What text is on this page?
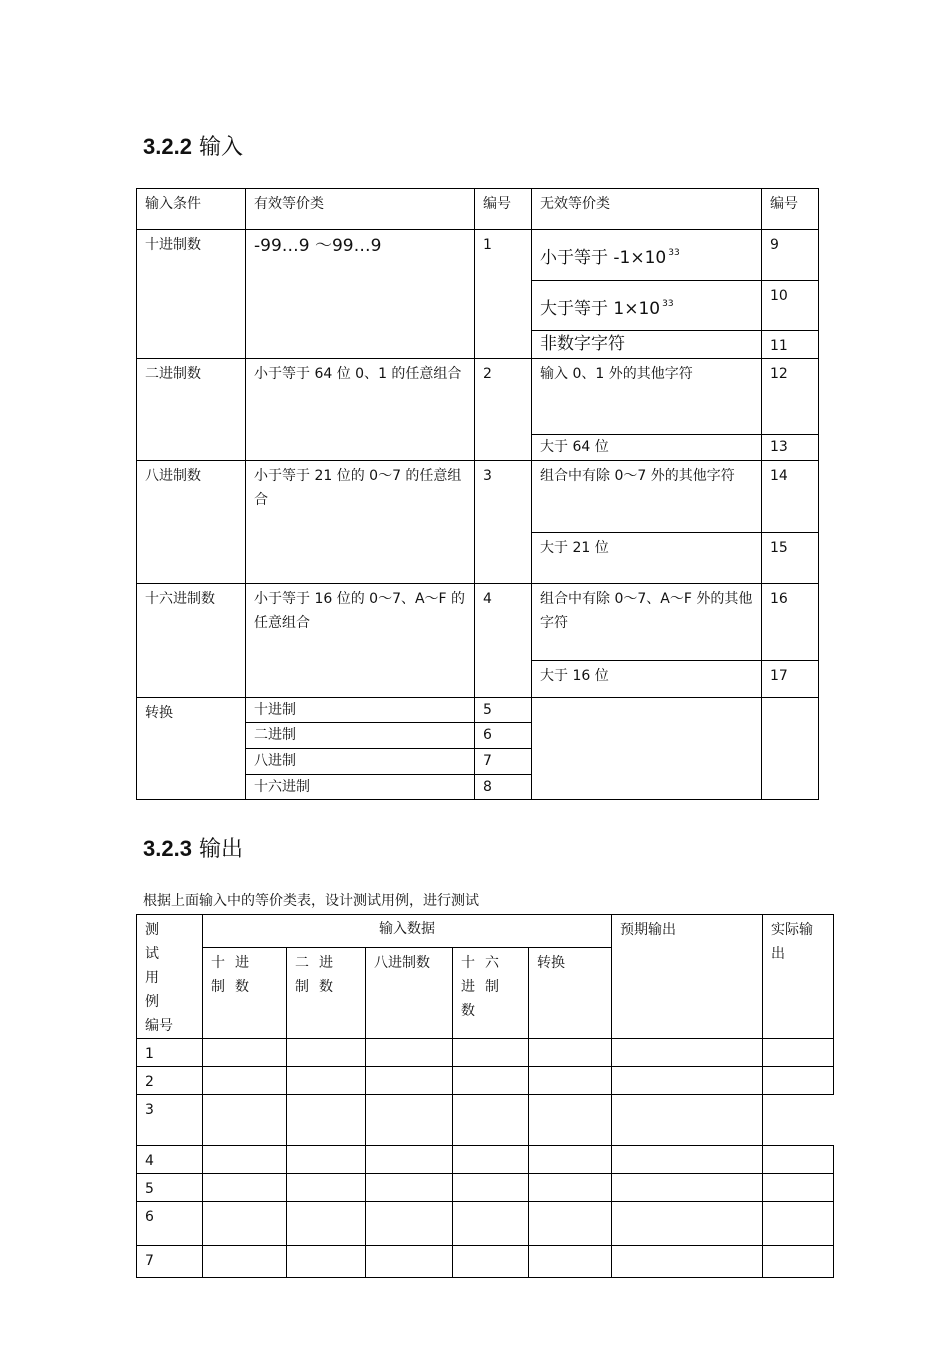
3.2.2 输入
输入条件	有效等价类	编号	无效等价类	编号
十进制数	-99…9 ～99…9	1	小于等于 -1×10 $^{33}$	9
			大于等于 1×10 $^{33}$	10
			非数字字符	11
二进制数	小于等于 64 位 0、1 的任意组合	2	输入 0、1 外的其他字符	12
			大于 64 位	13
八进制数	小于等于 21 位的 0～7 的任意组合	3	组合中有除 0～7 外的其他字符	14
			大于 21 位	15
十六进制数	小于等于 16 位的 0～7、A～F 的任意组合	4	组合中有除 0～7、A～F 外的其他字符	16
			大于 16 位	17
转换	十进制	5		
	二进制	6		
	八进制	7		
	十六进制	8		
3.2.3 输出
根据上面输入中的等价类表，设计测试用例，进行测试
测 试
用 例
编号	输入数据					预期输出	实际输出
	十进制数	二进制数	八进制数	十六进制数	转换		
1							
2							
3							
4							
5							
6							
7							
